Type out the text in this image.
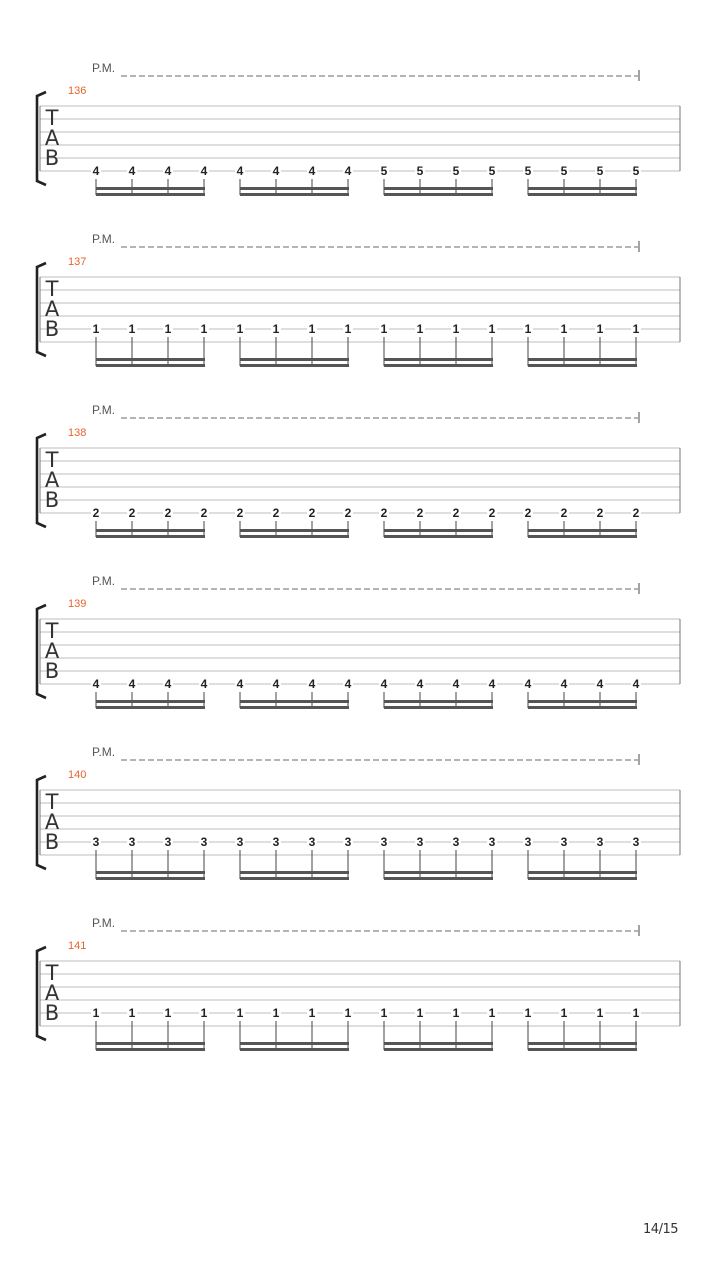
P.M.
136
T
A
B
4 4 4 4 4 4 4 4 5 5 5 5 5 5 5 5
P.M.
137
T
A
B	1 1 1 1 1 1 1 1 1 1 1 1 1 1 1 1
P.M.
138
T
A
B
2 2 2 2 2 2 2 2 2 2 2 2 2 2 2 2
P.M.
139
T
A
B
4 4 4 4 4 4 4 4 4 4 4 4 4 4 4 4
P.M.
140
T
A
B	3 3 3 3 3 3 3 3 3 3 3 3 3 3 3 3
P.M.
141
T
A
B	1 1 1 1 1 1 1 1 1 1 1 1 1 1 1 1
14/15
